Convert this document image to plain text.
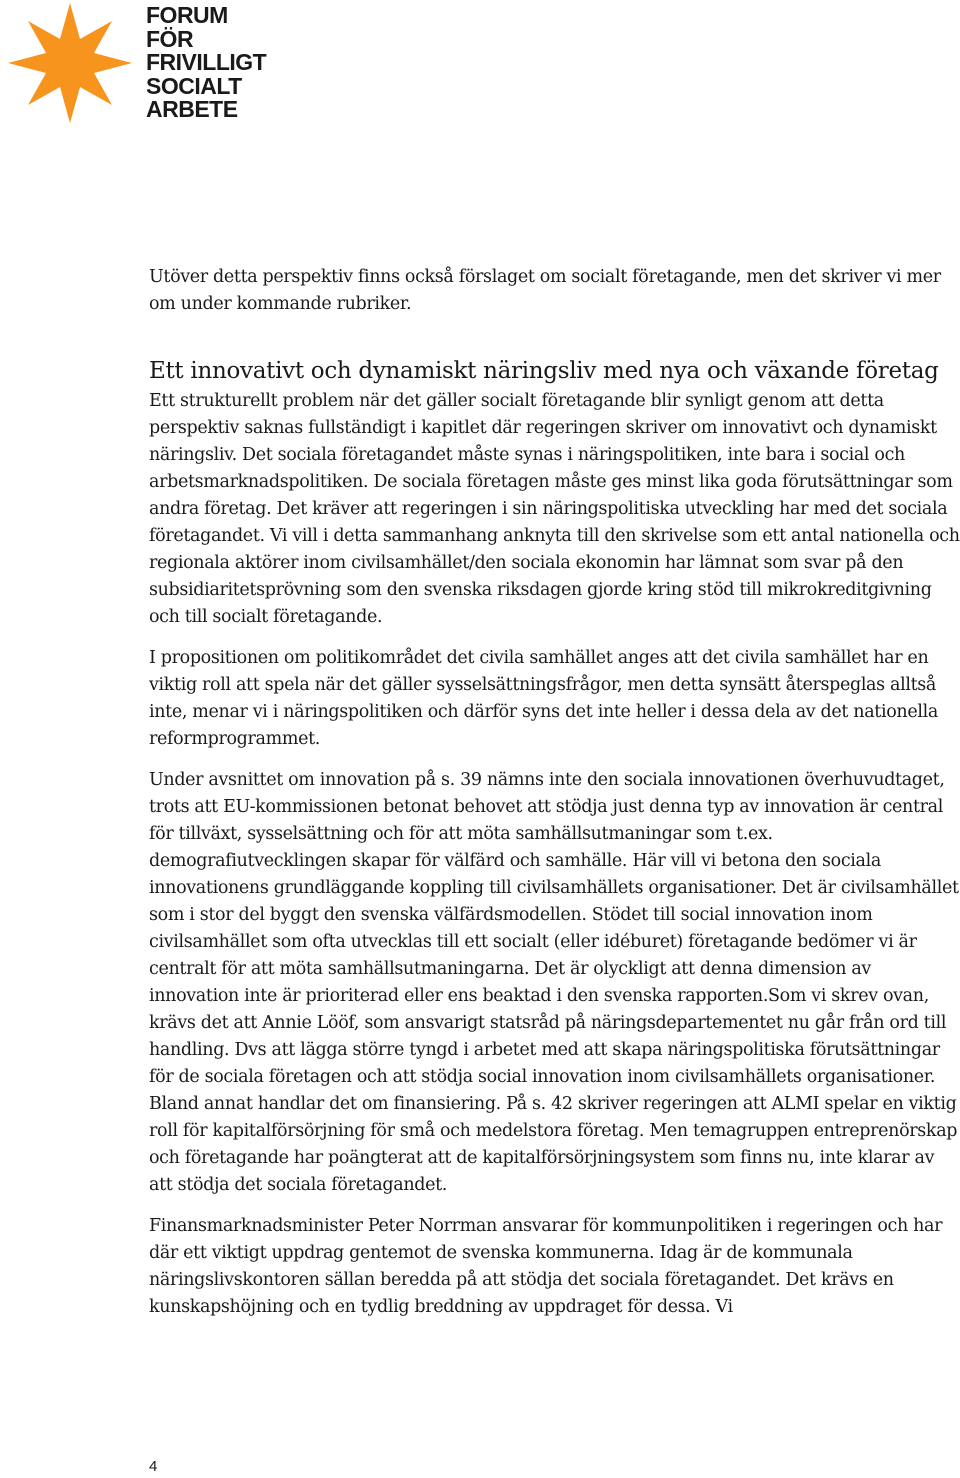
FORUM
FÖR
FRIVILLIGT
SOCIALT
ARBETE

Utöver detta perspektiv finns också förslaget om socialt företagande, men det skriver vi mer om under kommande rubriker.

Ett innovativt och dynamiskt näringsliv med nya och växande företag

Ett strukturellt problem när det gäller socialt företagande blir synligt genom att detta perspektiv saknas fullständigt i kapitlet där regeringen skriver om innovativt och dynamiskt näringsliv. Det sociala företagandet måste synas i näringspolitiken, inte bara i social och arbetsmarknadspolitiken. De sociala företagen måste ges minst lika goda förutsättningar som andra företag. Det kräver att regeringen i sin näringspolitiska utveckling har med det sociala företagandet. Vi vill i detta sammanhang anknyta till den skrivelse som ett antal nationella och regionala aktörer inom civilsamhället/den sociala ekonomin har lämnat som svar på den subsidiaritetsprövning som den svenska riksdagen gjorde kring stöd till mikrokreditgivning och till socialt företagande.

I propositionen om politikområdet det civila samhället anges att det civila samhället har en viktig roll att spela när det gäller sysselsättningsfrågor, men detta synsätt återspeglas alltså inte, menar vi i näringspolitiken och därför syns det inte heller i dessa dela av det nationella reformprogrammet.

Under avsnittet om innovation på s. 39 nämns inte den sociala innovationen överhuvudtaget, trots att EU-kommissionen betonat behovet att stödja just denna typ av innovation är central för tillväxt, sysselsättning och för att möta samhällsutmaningar som t.ex. demografiutvecklingen skapar för välfärd och samhälle. Här vill vi betona den sociala innovationens grundläggande koppling till civilsamhällets organisationer. Det är civilsamhället som i stor del byggt den svenska välfärdsmodellen. Stödet till social innovation inom civilsamhället som ofta utvecklas till ett socialt (eller idéburet) företagande bedömer vi är centralt för att möta samhällsutmaningarna. Det är olyckligt att denna dimension av innovation inte är prioriterad eller ens beaktad i den svenska rapporten.Som vi skrev ovan, krävs det att Annie Lööf, som ansvarigt statsråd på näringsdepartementet nu går från ord till handling. Dvs att lägga större tyngd i arbetet med att skapa näringspolitiska förutsättningar för de sociala företagen och att stödja social innovation inom civilsamhällets organisationer. Bland annat handlar det om finansiering. På s. 42 skriver regeringen att ALMI spelar en viktig roll för kapitalförsörjning för små och medelstora företag. Men temagruppen entreprenörskap och företagande har poängterat att de kapitalförsörjningsystem som finns nu, inte klarar av att stödja det sociala företagandet.

Finansmarknadsminister Peter Norrman ansvarar för kommunpolitiken i regeringen och har där ett viktigt uppdrag gentemot de svenska kommunerna. Idag är de kommunala näringslivskontoren sällan beredda på att stödja det sociala företagandet. Det krävs en kunskapshöjning och en tydlig breddning av uppdraget för dessa. Vi

4
